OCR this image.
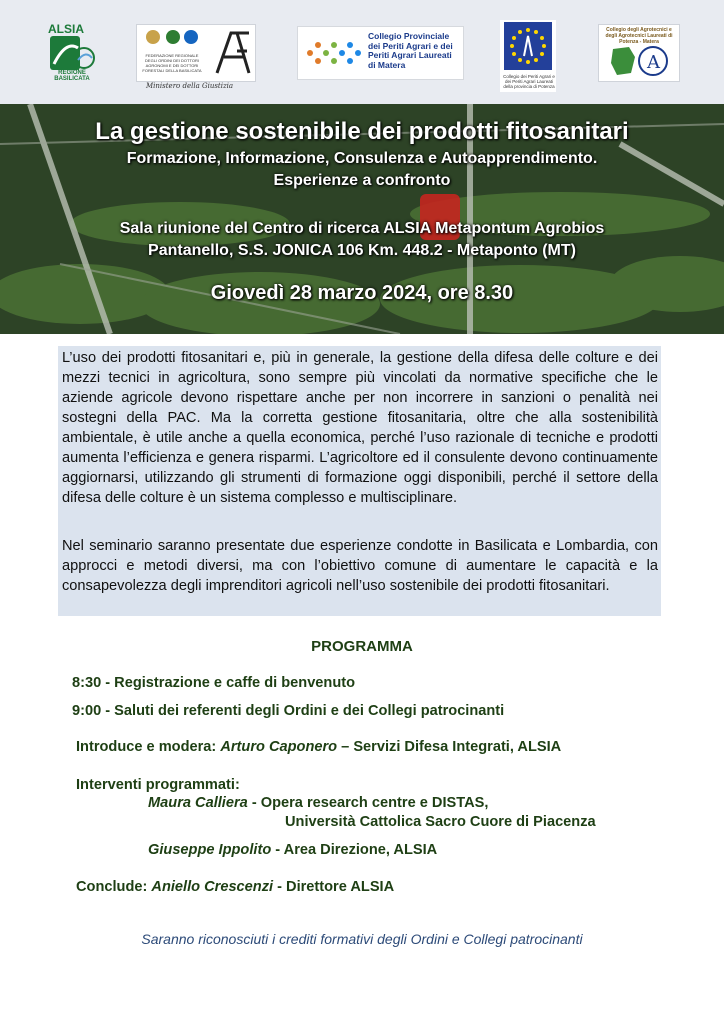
ALSIA
REGIONE BASILICATA
FEDERAZIONE REGIONALE DEGLI ORDINI DEI DOTTORI AGRONOMI E DEI DOTTORI FORESTALI DELLA BASILICATA
Ministero della Giustizia
Collegio Provinciale dei Periti Agrari e dei Periti Agrari Laureati di Matera
Collegio dei Periti Agrari e dei Periti Agrari Laureati della provincia di Potenza
Collegio degli Agrotecnici e degli Agrotecnici Laureati di Potenza - Matera
A
La gestione sostenibile dei prodotti fitosanitari
Formazione, Informazione, Consulenza e Autoapprendimento.
Esperienze a confronto
Sala riunione del Centro di ricerca ALSIA Metapontum Agrobios
Pantanello, S.S. JONICA 106 Km. 448.2 - Metaponto (MT)
Giovedì 28 marzo 2024, ore 8.30

L’uso dei prodotti fitosanitari e, più in generale, la gestione della difesa delle colture e dei mezzi tecnici in agricoltura, sono sempre più vincolati da normative specifiche che le aziende agricole devono rispettare anche per non incorrere in sanzioni o penalità nei sostegni della PAC. Ma la corretta gestione fitosanitaria, oltre che alla sostenibilità ambientale, è utile anche a quella economica, perché l’uso razionale di tecniche e prodotti aumenta l’efficienza e genera risparmi. L’agricoltore ed il consulente devono continuamente aggiornarsi, utilizzando gli strumenti di formazione oggi disponibili, perché il settore della difesa delle colture è un sistema complesso e multisciplinare.

Nel seminario saranno presentate due esperienze condotte in Basilicata e Lombardia, con approcci e metodi diversi, ma con l’obiettivo comune di aumentare le capacità e la consapevolezza degli imprenditori agricoli nell’uso sostenibile dei prodotti fitosanitari.

PROGRAMMA
8:30 - Registrazione e caffe di benvenuto
9:00 - Saluti dei referenti degli Ordini e dei Collegi patrocinanti
Introduce e modera: Arturo Caponero – Servizi Difesa Integrati, ALSIA
Interventi programmati:
Maura Calliera - Opera research centre e DISTAS,
Università Cattolica Sacro Cuore di Piacenza
Giuseppe Ippolito - Area Direzione, ALSIA
Conclude: Aniello Crescenzi - Direttore ALSIA
Saranno riconosciuti i crediti formativi degli Ordini e Collegi patrocinanti
